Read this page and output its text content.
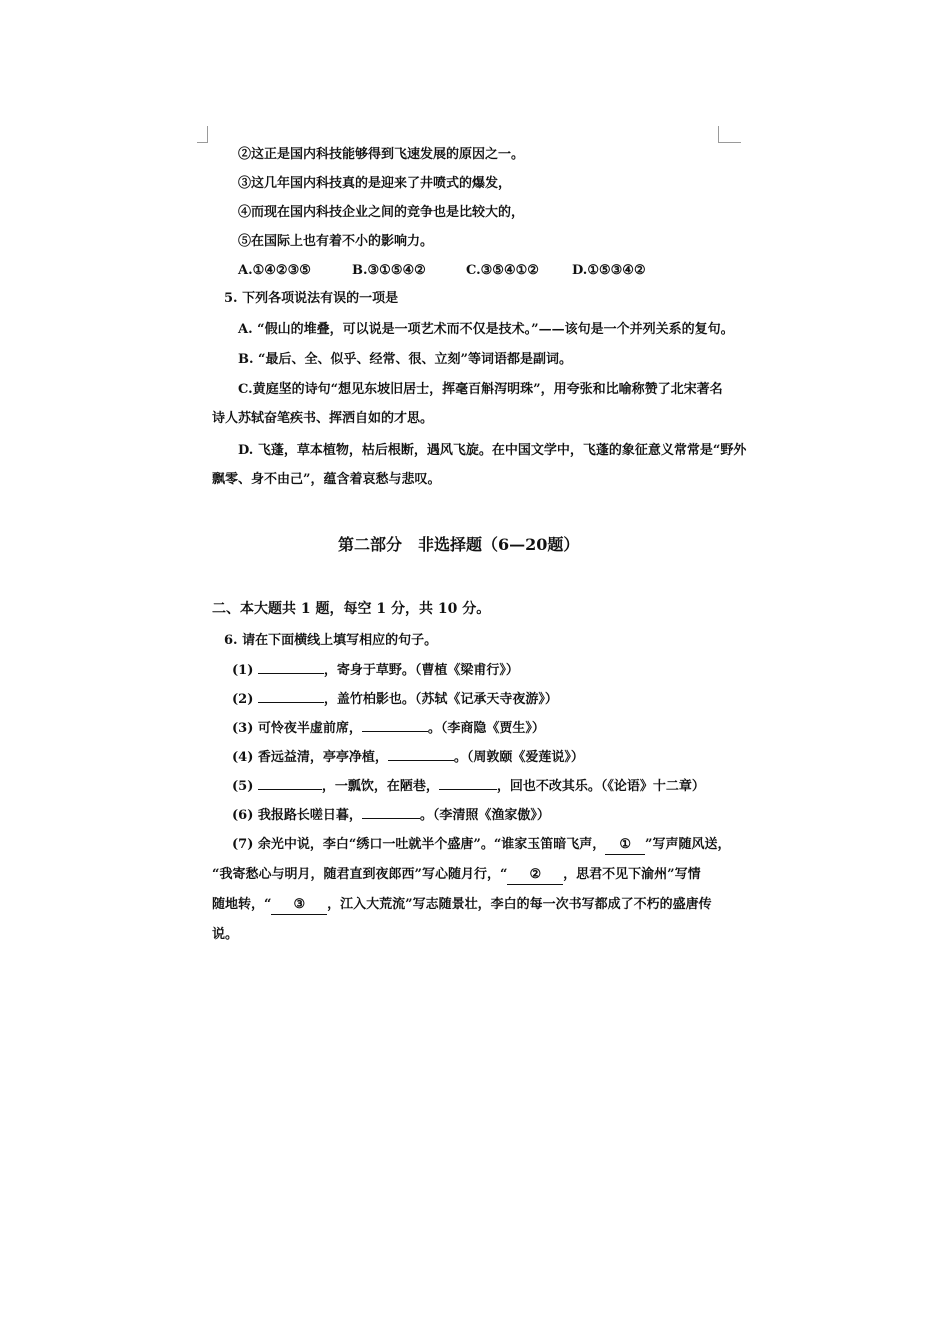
②这正是国内科技能够得到飞速发展的原因之一。
③这几年国内科技真的是迎来了井喷式的爆发，
④而现在国内科技企业之间的竞争也是比较大的，
⑤在国际上也有着不小的影响力。
A.①④②③⑤	B.③①⑤④②	C.③⑤④①②	D.①⑤③④②
5. 下列各项说法有误的一项是
A. “假山的堆叠，可以说是一项艺术而不仅是技术。”——该句是一个并列关系的复句。
B. “最后、全、似乎、经常、很、立刻”等词语都是副词。
C.黄庭坚的诗句“想见东坡旧居士，挥毫百斛泻明珠”，用夸张和比喻称赞了北宋著名
诗人苏轼奋笔疾书、挥洒自如的才思。
D. 飞蓬，草本植物，枯后根断，遇风飞旋。在中国文学中，飞蓬的象征意义常常是“野外
飘零、身不由己”，蕴含着哀愁与悲叹。
第二部分　非选择题（6—20题）
二、本大题共 1 题，每空 1 分，共 10 分。
6. 请在下面横线上填写相应的句子。
(1)	，寄身于草野。（曹植《梁甫行》）
(2)	，盖竹柏影也。（苏轼《记承天寺夜游》）
(3) 可怜夜半虚前席，	。（李商隐《贾生》）
(4) 香远益清，亭亭净植，	。（周敦颐《爱莲说》）
(5)	，一瓢饮，在陋巷，	，回也不改其乐。（《论语》十二章）
(6) 我报路长嗟日暮，	。（李清照《渔家傲》）
(7) 余光中说，李白“绣口一吐就半个盛唐”。“谁家玉笛暗飞声， ① ”写声随风送，
“我寄愁心与明月，随君直到夜郎西”写心随月行，“ ② ，思君不见下渝州”写情
随地转，“ ③ ，江入大荒流”写志随景壮，李白的每一次书写都成了不朽的盛唐传
说。
